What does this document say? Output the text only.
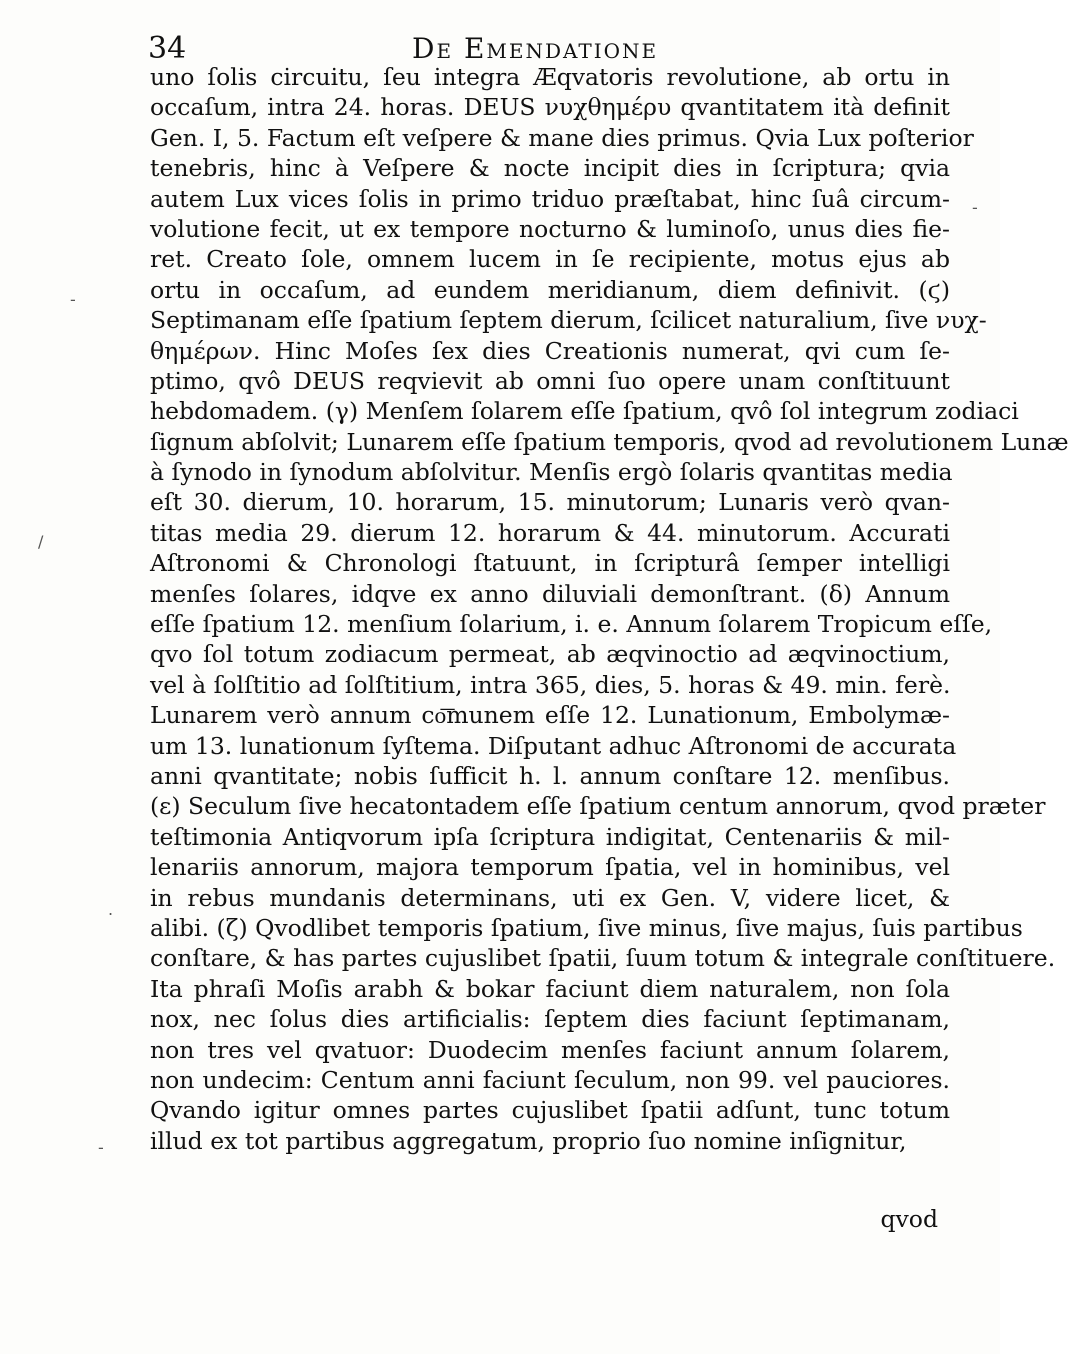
34	De Emendatione
uno ſolis circuitu, ſeu integra Æqvatoris revolutione, ab ortu in
occaſum, intra 24. horas. DEUS νυχθημέρυ qvantitatem ità definit
Gen. I, 5. Factum eſt veſpere & mane dies primus. Qvia Lux poſterior
tenebris, hinc à Veſpere & nocte incipit dies in ſcriptura; qvia
autem Lux vices ſolis in primo triduo præſtabat, hinc ſuâ circum-
volutione fecit, ut ex tempore nocturno & luminoſo, unus dies fie-
ret. Creato ſole, omnem lucem in ſe recipiente, motus ejus ab
ortu in occaſum, ad eundem meridianum, diem definivit. (ϛ)
Septimanam eſſe ſpatium ſeptem dierum, ſcilicet naturalium, ſive νυχ-
θημέρων. Hinc Moſes ſex dies Creationis numerat, qvi cum ſe-
ptimo, qvô DEUS reqvievit ab omni ſuo opere unam conſtituunt
hebdomadem. (γ) Menſem ſolarem eſſe ſpatium, qvô ſol integrum zodiaci
ſignum abſolvit; Lunarem eſſe ſpatium temporis, qvod ad revolutionem Lunæ
à ſynodo in ſynodum abſolvitur. Menſis ergò ſolaris qvantitas media
eſt 30. dierum, 10. horarum, 15. minutorum; Lunaris verò qvan-
titas media 29. dierum 12. horarum & 44. minutorum. Accurati
Aſtronomi & Chronologi ſtatuunt, in ſcripturâ ſemper intelligi
menſes ſolares, idqve ex anno diluviali demonſtrant. (δ) Annum
eſſe ſpatium 12. menſium ſolarium, i. e. Annum ſolarem Tropicum eſſe,
qvo ſol totum zodiacum permeat, ab æqvinoctio ad æqvinoctium,
vel à ſolſtitio ad ſolſtitium, intra 365, dies, 5. horas & 49. min. ferè.
Lunarem verò annum co͞munem eſſe 12. Lunationum, Embolymæ-
um 13. lunationum ſyſtema. Diſputant adhuc Aſtronomi de accurata
anni qvantitate; nobis ſufficit h. l. annum conſtare 12. menſibus.
(ε) Seculum ſive hecatontadem eſſe ſpatium centum annorum, qvod præter
teſtimonia Antiqvorum ipſa ſcriptura indigitat, Centenariis & mil-
lenariis annorum, majora temporum ſpatia, vel in hominibus, vel
in rebus mundanis determinans, uti ex Gen. V, videre licet, &
alibi. (ζ) Qvodlibet temporis ſpatium, ſive minus, ſive majus, ſuis partibus
conſtare, & has partes cujuslibet ſpatii, ſuum totum & integrale conſtituere.
Ita phraſi Moſis arabh & bokar faciunt diem naturalem, non ſola
nox, nec ſolus dies artificialis: ſeptem dies faciunt ſeptimanam,
non tres vel qvatuor: Duodecim menſes faciunt annum ſolarem,
non undecim: Centum anni faciunt ſeculum, non 99. vel pauciores.
Qvando igitur omnes partes cujuslibet ſpatii adſunt, tunc totum
illud ex tot partibus aggregatum, proprio ſuo nomine inſignitur,
qvod
/
-
-
.
-
